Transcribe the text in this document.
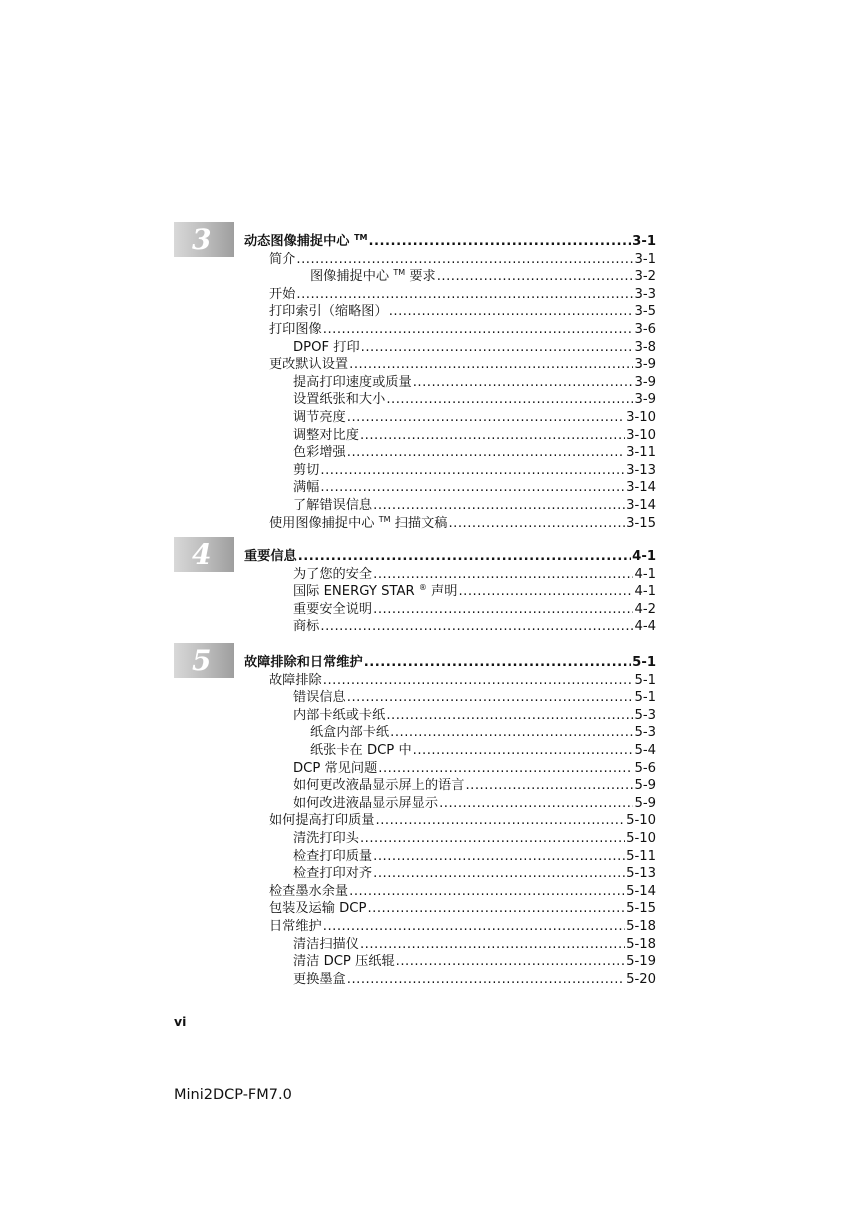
3 动态图像捕捉中心 ™ .....	3-1
简介 .....	3-1
图像捕捉中心 ™ 要求 .....	3-2
开始 .....	3-3
打印索引（缩略图） .....	3-5
打印图像 .....	3-6
DPOF 打印 .....	3-8
更改默认设置 .....	3-9
提高打印速度或质量 .....	3-9
设置纸张和大小 .....	3-9
调节亮度 .....	3-10
调整对比度 .....	3-10
色彩增强 .....	3-11
剪切 .....	3-13
满幅 .....	3-14
了解错误信息 .....	3-14
使用图像捕捉中心 ™ 扫描文稿 .....	3-15
4 重要信息 .....	4-1
为了您的安全 .....	4-1
国际 ENERGY STAR ® 声明 .....	4-1
重要安全说明 .....	4-2
商标 .....	4-4
5 故障排除和日常维护 .....	5-1
故障排除 .....	5-1
错误信息 .....	5-1
内部卡纸或卡纸 .....	5-3
纸盒内部卡纸 .....	5-3
纸张卡在 DCP 中 .....	5-4
DCP 常见问题 .....	5-6
如何更改液晶显示屏上的语言 .....	5-9
如何改进液晶显示屏显示 .....	5-9
如何提高打印质量 .....	5-10
清洗打印头 .....	5-10
检查打印质量 .....	5-11
检查打印对齐 .....	5-13
检查墨水余量 .....	5-14
包装及运输 DCP .....	5-15
日常维护 .....	5-18
清洁扫描仪 .....	5-18
清洁 DCP 压纸辊 .....	5-19
更换墨盒 .....	5-20
vi
Mini2DCP-FM7.0
